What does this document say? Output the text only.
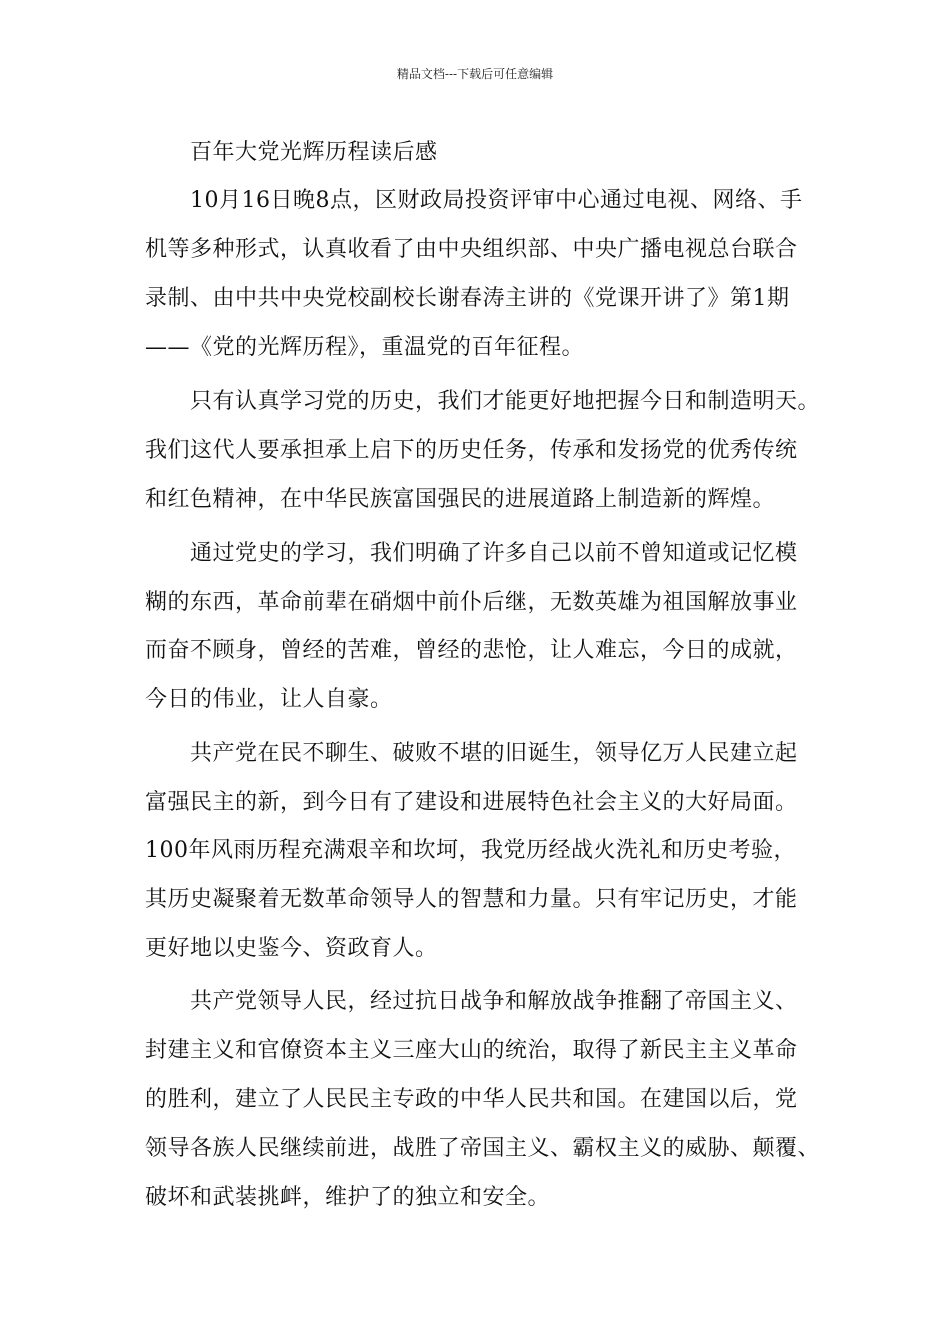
精品文档---下载后可任意编辑
百年大党光辉历程读后感
10月16日晚8点，区财政局投资评审中心通过电视、网络、手
机等多种形式，认真收看了由中央组织部、中央广播电视总台联合
录制、由中共中央党校副校长谢春涛主讲的《党课开讲了》第1期
——《党的光辉历程》，重温党的百年征程。
只有认真学习党的历史，我们才能更好地把握今日和制造明天。
我们这代人要承担承上启下的历史任务，传承和发扬党的优秀传统
和红色精神，在中华民族富国强民的进展道路上制造新的辉煌。
通过党史的学习，我们明确了许多自己以前不曾知道或记忆模
糊的东西，革命前辈在硝烟中前仆后继，无数英雄为祖国解放事业
而奋不顾身，曾经的苦难，曾经的悲怆，让人难忘，今日的成就，
今日的伟业，让人自豪。
共产党在民不聊生、破败不堪的旧诞生，领导亿万人民建立起
富强民主的新，到今日有了建设和进展特色社会主义的大好局面。
100年风雨历程充满艰辛和坎坷，我党历经战火洗礼和历史考验，
其历史凝聚着无数革命领导人的智慧和力量。只有牢记历史，才能
更好地以史鉴今、资政育人。
共产党领导人民，经过抗日战争和解放战争推翻了帝国主义、
封建主义和官僚资本主义三座大山的统治，取得了新民主主义革命
的胜利，建立了人民民主专政的中华人民共和国。在建国以后，党
领导各族人民继续前进，战胜了帝国主义、霸权主义的威胁、颠覆、
破坏和武装挑衅，维护了的独立和安全。
